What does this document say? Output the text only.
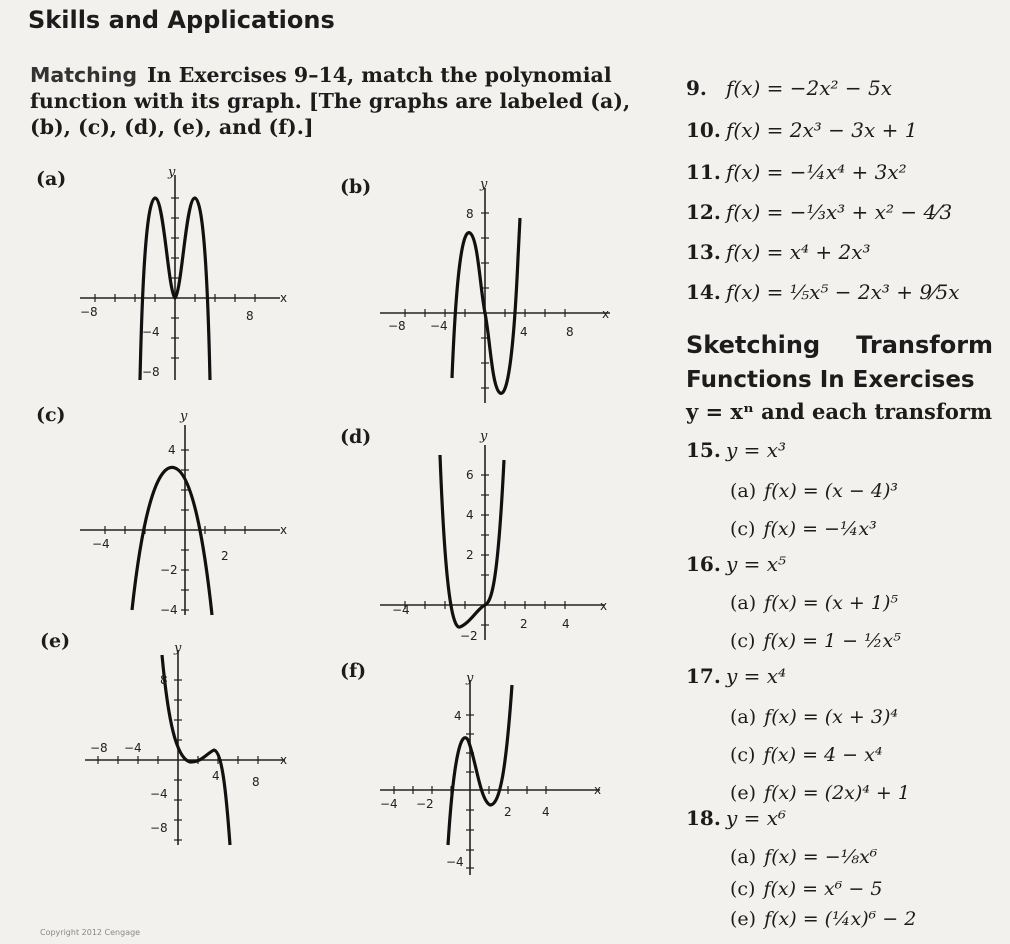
Skills and Applications
Matching In Exercises 9–14, match the polynomial function with its graph. [The graphs are labeled (a), (b), (c), (d), (e), and (f).]
(a)
−8	8
−4
−8
x
y
(b)
−8 −4	4	8
8
x
y
(c)
−4
2
4
−2
−4
x
y
(d)
−4
2	4
6
4
2
−2
x
y
(e)
−8 −4
4	8
8
−4
−8
x
y
(f)
−4 −2
2	4
4
−4
x
y
9. f(x) = −2x² − 5x
10. f(x) = 2x³ − 3x + 1
11. f(x) = −¼x⁴ + 3x²
12. f(x) = −⅓x³ + x² − 4⁄3
13. f(x) = x⁴ + 2x³
14. f(x) = ⅕x⁵ − 2x³ + 9⁄5x
Sketching Transform
Functions In Exercises
y = xⁿ and each transform
15. y = x³
(a) f(x) = (x − 4)³
(c) f(x) = −¼x³
16. y = x⁵
(a) f(x) = (x + 1)⁵
(c) f(x) = 1 − ½x⁵
17. y = x⁴
(a) f(x) = (x + 3)⁴
(c) f(x) = 4 − x⁴
(e) f(x) = (2x)⁴ + 1
18. y = x⁶
(a) f(x) = −⅛x⁶
(c) f(x) = x⁶ − 5
(e) f(x) = (¼x)⁶ − 2
Copyright 2012 Cengage
